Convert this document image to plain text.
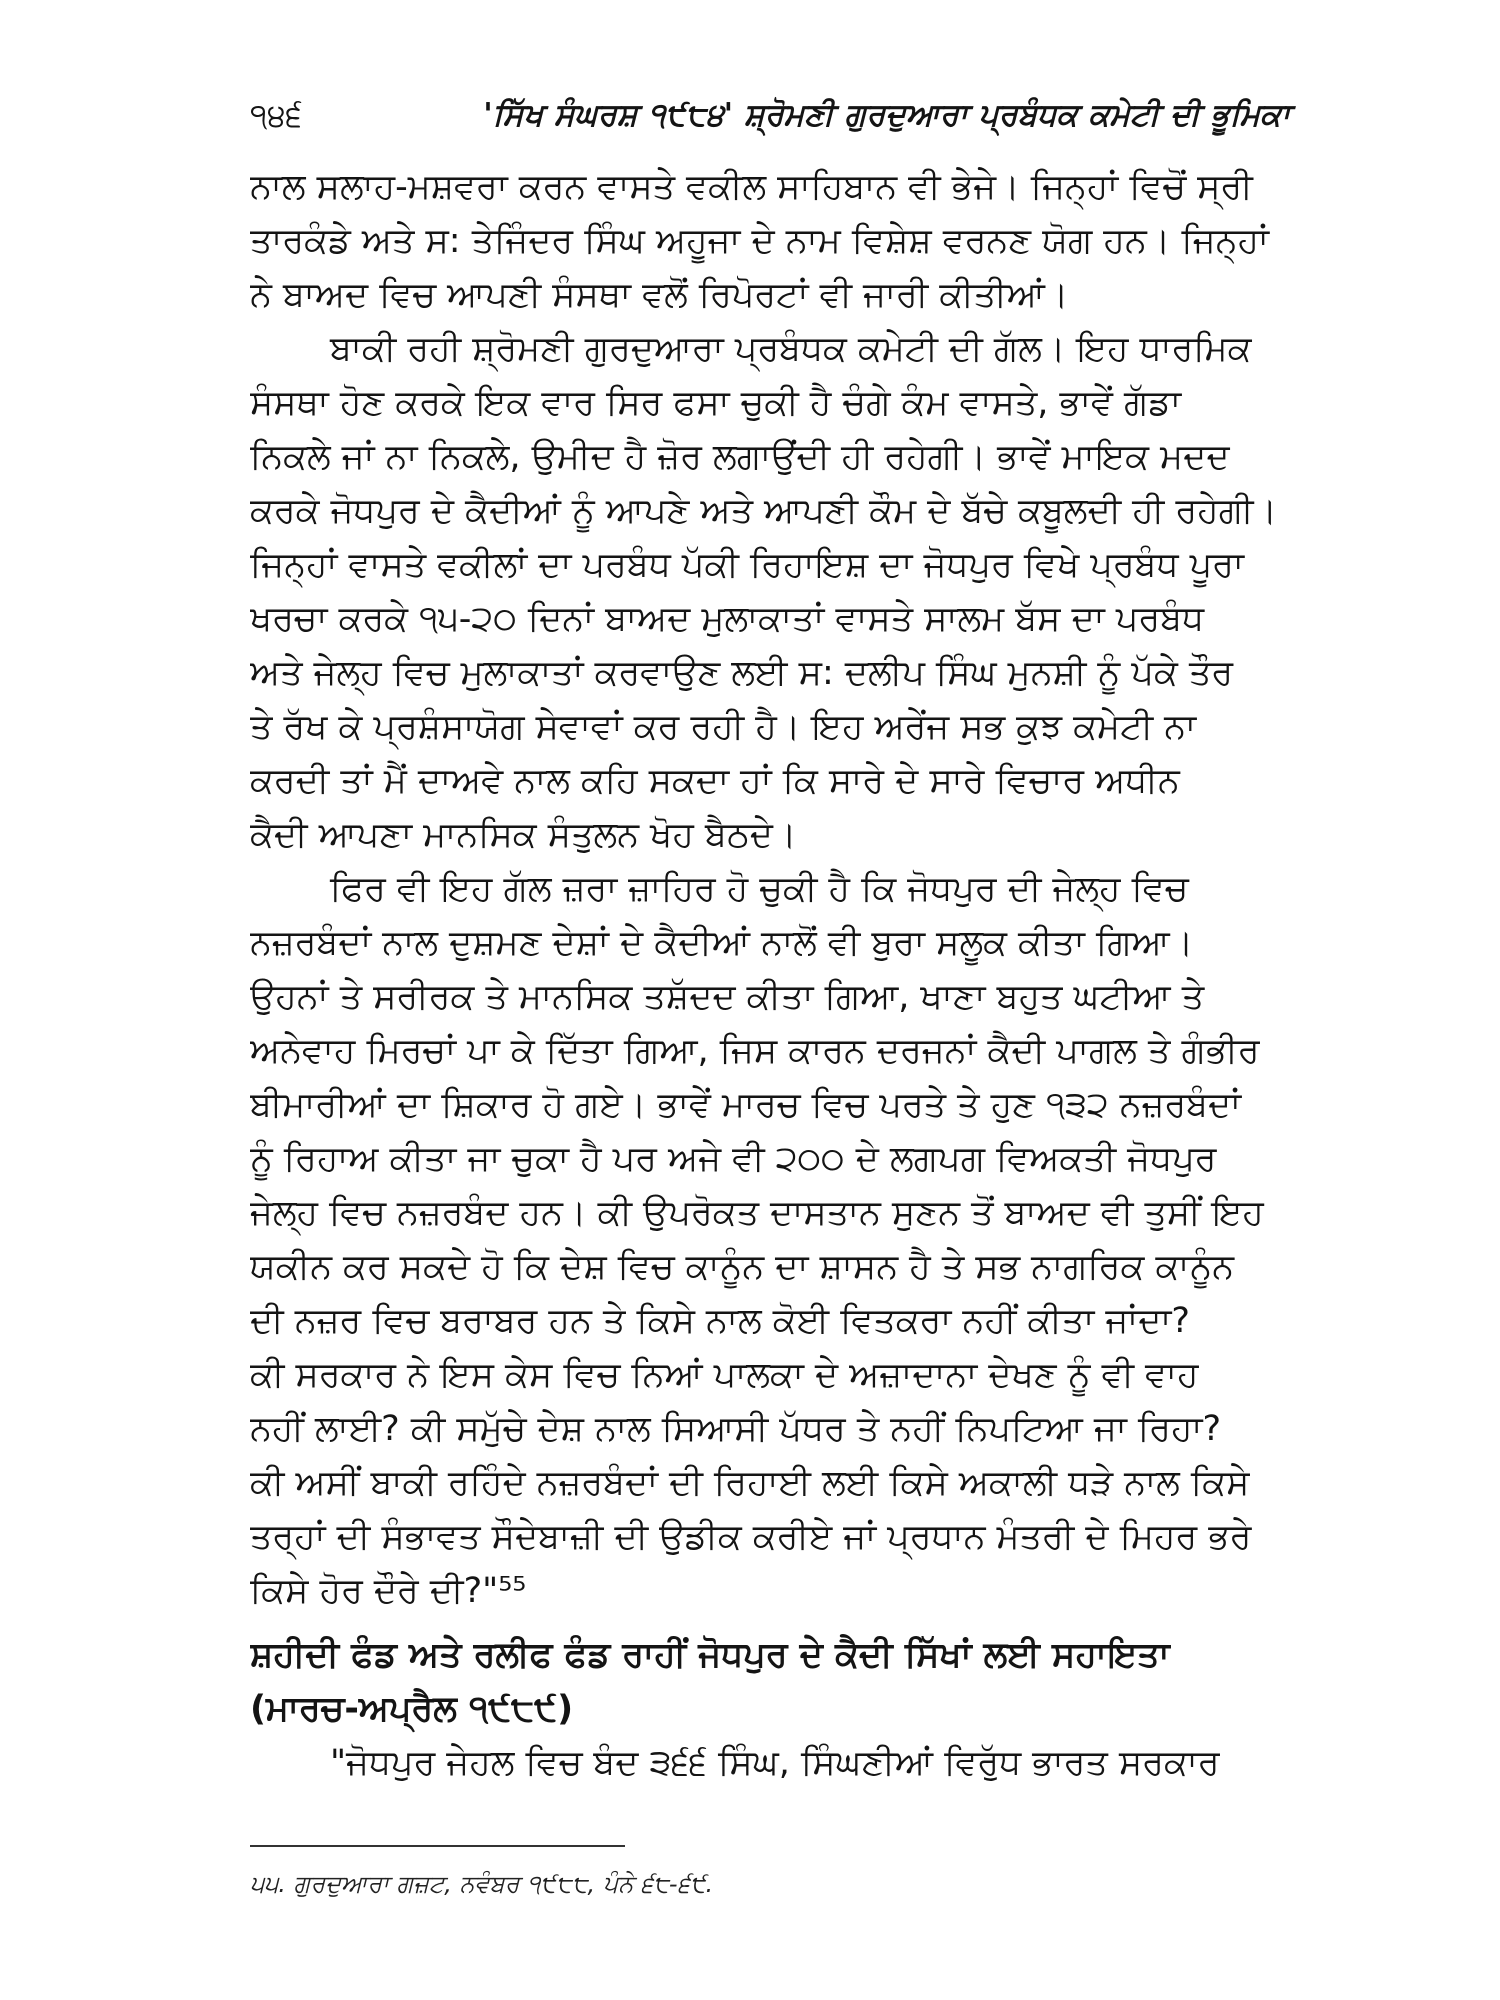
੧੪੬	'ਸਿੱਖ ਸੰਘਰਸ਼ ੧੯੮੪' ਸ਼੍ਰੋਮਣੀ ਗੁਰਦੁਆਰਾ ਪ੍ਰਬੰਧਕ ਕਮੇਟੀ ਦੀ ਭੂਮਿਕਾ
ਨਾਲ ਸਲਾਹ-ਮਸ਼ਵਰਾ ਕਰਨ ਵਾਸਤੇ ਵਕੀਲ ਸਾਹਿਬਾਨ ਵੀ ਭੇਜੇ। ਜਿਨ੍ਹਾਂ ਵਿਚੋਂ ਸ੍ਰੀ
ਤਾਰਕੰਡੇ ਅਤੇ ਸ: ਤੇਜਿੰਦਰ ਸਿੰਘ ਅਹੂਜਾ ਦੇ ਨਾਮ ਵਿਸ਼ੇਸ਼ ਵਰਨਣ ਯੋਗ ਹਨ। ਜਿਨ੍ਹਾਂ
ਨੇ ਬਾਅਦ ਵਿਚ ਆਪਣੀ ਸੰਸਥਾ ਵਲੋਂ ਰਿਪੋਰਟਾਂ ਵੀ ਜਾਰੀ ਕੀਤੀਆਂ।
ਬਾਕੀ ਰਹੀ ਸ਼੍ਰੋਮਣੀ ਗੁਰਦੁਆਰਾ ਪ੍ਰਬੰਧਕ ਕਮੇਟੀ ਦੀ ਗੱਲ। ਇਹ ਧਾਰਮਿਕ
ਸੰਸਥਾ ਹੋਣ ਕਰਕੇ ਇਕ ਵਾਰ ਸਿਰ ਫਸਾ ਚੁਕੀ ਹੈ ਚੰਗੇ ਕੰਮ ਵਾਸਤੇ, ਭਾਵੇਂ ਗੱਡਾ
ਨਿਕਲੇ ਜਾਂ ਨਾ ਨਿਕਲੇ, ਉਮੀਦ ਹੈ ਜ਼ੋਰ ਲਗਾਉਂਦੀ ਹੀ ਰਹੇਗੀ। ਭਾਵੇਂ ਮਾਇਕ ਮਦਦ
ਕਰਕੇ ਜੋਧਪੁਰ ਦੇ ਕੈਦੀਆਂ ਨੂੰ ਆਪਣੇ ਅਤੇ ਆਪਣੀ ਕੌਮ ਦੇ ਬੱਚੇ ਕਬੂਲਦੀ ਹੀ ਰਹੇਗੀ।
ਜਿਨ੍ਹਾਂ ਵਾਸਤੇ ਵਕੀਲਾਂ ਦਾ ਪਰਬੰਧ ਪੱਕੀ ਰਿਹਾਇਸ਼ ਦਾ ਜੋਧਪੁਰ ਵਿਖੇ ਪ੍ਰਬੰਧ ਪੂਰਾ
ਖਰਚਾ ਕਰਕੇ ੧੫-੨੦ ਦਿਨਾਂ ਬਾਅਦ ਮੁਲਾਕਾਤਾਂ ਵਾਸਤੇ ਸਾਲਮ ਬੱਸ ਦਾ ਪਰਬੰਧ
ਅਤੇ ਜੇਲ੍ਹ ਵਿਚ ਮੁਲਾਕਾਤਾਂ ਕਰਵਾਉਣ ਲਈ ਸ: ਦਲੀਪ ਸਿੰਘ ਮੁਨਸ਼ੀ ਨੂੰ ਪੱਕੇ ਤੌਰ
ਤੇ ਰੱਖ ਕੇ ਪ੍ਰਸ਼ੰਸਾਯੋਗ ਸੇਵਾਵਾਂ ਕਰ ਰਹੀ ਹੈ। ਇਹ ਅਰੇਂਜ ਸਭ ਕੁਝ ਕਮੇਟੀ ਨਾ
ਕਰਦੀ ਤਾਂ ਮੈਂ ਦਾਅਵੇ ਨਾਲ ਕਹਿ ਸਕਦਾ ਹਾਂ ਕਿ ਸਾਰੇ ਦੇ ਸਾਰੇ ਵਿਚਾਰ ਅਧੀਨ
ਕੈਦੀ ਆਪਣਾ ਮਾਨਸਿਕ ਸੰਤੁਲਨ ਖੋਹ ਬੈਠਦੇ।
ਫਿਰ ਵੀ ਇਹ ਗੱਲ ਜ਼ਰਾ ਜ਼ਾਹਿਰ ਹੋ ਚੁਕੀ ਹੈ ਕਿ ਜੋਧਪੁਰ ਦੀ ਜੇਲ੍ਹ ਵਿਚ
ਨਜ਼ਰਬੰਦਾਂ ਨਾਲ ਦੁਸ਼ਮਣ ਦੇਸ਼ਾਂ ਦੇ ਕੈਦੀਆਂ ਨਾਲੋਂ ਵੀ ਬੁਰਾ ਸਲੂਕ ਕੀਤਾ ਗਿਆ।
ਉਹਨਾਂ ਤੇ ਸਰੀਰਕ ਤੇ ਮਾਨਸਿਕ ਤਸ਼ੱਦਦ ਕੀਤਾ ਗਿਆ, ਖਾਣਾ ਬਹੁਤ ਘਟੀਆ ਤੇ
ਅਨੇਵਾਹ ਮਿਰਚਾਂ ਪਾ ਕੇ ਦਿੱਤਾ ਗਿਆ, ਜਿਸ ਕਾਰਨ ਦਰਜਨਾਂ ਕੈਦੀ ਪਾਗਲ ਤੇ ਗੰਭੀਰ
ਬੀਮਾਰੀਆਂ ਦਾ ਸ਼ਿਕਾਰ ਹੋ ਗਏ। ਭਾਵੇਂ ਮਾਰਚ ਵਿਚ ਪਰਤੇ ਤੇ ਹੁਣ ੧੩੨ ਨਜ਼ਰਬੰਦਾਂ
ਨੂੰ ਰਿਹਾਅ ਕੀਤਾ ਜਾ ਚੁਕਾ ਹੈ ਪਰ ਅਜੇ ਵੀ ੨੦੦ ਦੇ ਲਗਪਗ ਵਿਅਕਤੀ ਜੋਧਪੁਰ
ਜੇਲ੍ਹ ਵਿਚ ਨਜ਼ਰਬੰਦ ਹਨ। ਕੀ ਉਪਰੋਕਤ ਦਾਸਤਾਨ ਸੁਣਨ ਤੋਂ ਬਾਅਦ ਵੀ ਤੁਸੀਂ ਇਹ
ਯਕੀਨ ਕਰ ਸਕਦੇ ਹੋ ਕਿ ਦੇਸ਼ ਵਿਚ ਕਾਨੂੰਨ ਦਾ ਸ਼ਾਸਨ ਹੈ ਤੇ ਸਭ ਨਾਗਰਿਕ ਕਾਨੂੰਨ
ਦੀ ਨਜ਼ਰ ਵਿਚ ਬਰਾਬਰ ਹਨ ਤੇ ਕਿਸੇ ਨਾਲ ਕੋਈ ਵਿਤਕਰਾ ਨਹੀਂ ਕੀਤਾ ਜਾਂਦਾ?
ਕੀ ਸਰਕਾਰ ਨੇ ਇਸ ਕੇਸ ਵਿਚ ਨਿਆਂ ਪਾਲਕਾ ਦੇ ਅਜ਼ਾਦਾਨਾ ਦੇਖਣ ਨੂੰ ਵੀ ਵਾਹ
ਨਹੀਂ ਲਾਈ? ਕੀ ਸਮੁੱਚੇ ਦੇਸ਼ ਨਾਲ ਸਿਆਸੀ ਪੱਧਰ ਤੇ ਨਹੀਂ ਨਿਪਟਿਆ ਜਾ ਰਿਹਾ?
ਕੀ ਅਸੀਂ ਬਾਕੀ ਰਹਿੰਦੇ ਨਜ਼ਰਬੰਦਾਂ ਦੀ ਰਿਹਾਈ ਲਈ ਕਿਸੇ ਅਕਾਲੀ ਧੜੇ ਨਾਲ ਕਿਸੇ
ਤਰ੍ਹਾਂ ਦੀ ਸੰਭਾਵਤ ਸੌਦੇਬਾਜ਼ੀ ਦੀ ਉਡੀਕ ਕਰੀਏ ਜਾਂ ਪ੍ਰਧਾਨ ਮੰਤਰੀ ਦੇ ਮਿਹਰ ਭਰੇ
ਕਿਸੇ ਹੋਰ ਦੌਰੇ ਦੀ?"⁵⁵
ਸ਼ਹੀਦੀ ਫੰਡ ਅਤੇ ਰਲੀਫ ਫੰਡ ਰਾਹੀਂ ਜੋਧਪੁਰ ਦੇ ਕੈਦੀ ਸਿੱਖਾਂ ਲਈ ਸਹਾਇਤਾ
(ਮਾਰਚ-ਅਪ੍ਰੈਲ ੧੯੮੯)
"ਜੋਧਪੁਰ ਜੇਹਲ ਵਿਚ ਬੰਦ ੩੬੬ ਸਿੰਘ, ਸਿੰਘਣੀਆਂ ਵਿਰੁੱਧ ਭਾਰਤ ਸਰਕਾਰ
੫੫. ਗੁਰਦੁਆਰਾ ਗਜ਼ਟ, ਨਵੰਬਰ ੧੯੮੮, ਪੰਨੇ ੬੮-੬੯.
